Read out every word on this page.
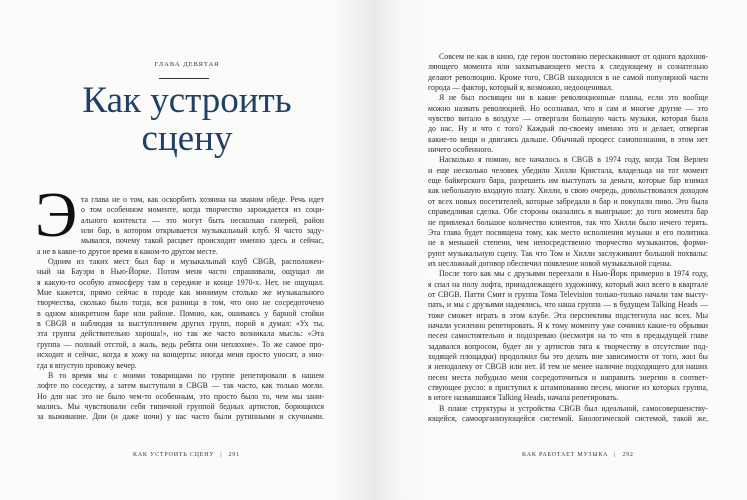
ГЛАВА ДЕВЯТАЯ
Как устроить
сцену
Э та глава не о том, как оскорбить хозяина на званом обеде. Речь идет
о том особенном моменте, когда творчество зарождается из соци-
ального контекста — это могут быть несколько галерей, район
или бар, в котором открывается музыкальный клуб. Я часто заду-
мывался, почему такой расцвет происходит именно здесь и сейчас,
а не в какое-то другое время в каком-то другом месте.
Одним из таких мест был бар и музыкальный клуб CBGB, расположен-
ный на Бауэри в Нью-Йорке. Потом меня часто спрашивали, ощущал ли
я какую-то особую атмосферу там в середине и конце 1970-х. Нет, не ощущал.
Мне кажется, прямо сейчас в городе как минимум столько же музыкального
творчества, сколько было тогда, вся разница в том, что оно не сосредоточено
в одном конкретном баре или районе. Помню, как, ошиваясь у барной стойки
в CBGB и наблюдая за выступлением других групп, порой я думал: «Ух ты,
эта группа действительно хороша!», но так же часто возникала мысль: «Эта
группа — полный отстой, а жаль, ведь ребята они неплохие». То же самое про-
исходит и сейчас, когда я хожу на концерты: иногда меня просто уносит, а ино-
гда я впустую провожу вечер.
В то время мы с моими товарищами по группе репетировали в нашем
лофте по соседству, а затем выступали в CBGB — так часто, как только могли.
Но для нас это не было чем-то особенным, это просто было то, чем мы зани-
мались. Мы чувствовали себя типичной группой бедных артистов, борющихся
за выживание. Дни (и даже ночи) у нас часто были рутинными и скучными.
КАК УСТРОИТЬ СЦЕНУ | 291
Совсем не как в кино, где герои постоянно перескакивают от одного вдохнов-
ляющего момента или захватывающего места к следующему и сознательно
делают революцию. Кроме того, CBGB находился в не самой популярной части
города — фактор, который я, возможно, недооценивал.
Я не был посвящен ни в какие революционные планы, если это вообще
можно назвать революцией. Но осознавал, что я сам и многие другие — это
чувство витало в воздухе — отвергали большую часть музыки, которая была
до нас. Ну и что с того? Каждый по-своему именно это и делает, отвергая
какие-то вещи и двигаясь дальше. Обычный процесс самопознания, в этом нет
ничего особенного.
Насколько я помню, все началось в CBGB в 1974 году, когда Том Верлен
и еще несколько человек убедили Хилли Кристала, владельца на тот момент
еще байкерского бара, разрешить им выступать за деньги, которые бар взимал
как небольшую входную плату. Хилли, в свою очередь, довольствовался доходом
от всех новых посетителей, которые забредали в бар и покупали пиво. Это была
справедливая сделка. Обе стороны оказались в выигрыше: до того момента бар
не привлекал большое количество клиентов, так что Хилли было нечего терять.
Эта глава будет посвящена тому, как место исполнения музыки и его политика
не в меньшей степени, чем непосредственно творчество музыкантов, форми-
руют музыкальную сцену. Так что Том и Хилли заслуживают большой похвалы:
их несложный договор обеспечил появление новой музыкальной сцены.
После того как мы с друзьями переехали в Нью-Йорк примерно в 1974 году,
я спал на полу лофта, принадлежащего художнику, который жил всего в квартале
от CBGB. Патти Смит и группа Тома Television только-только начали там высту-
пать, и мы с друзьями надеялись, что наша группа — в будущем Talking Heads —
тоже сможет играть в этом клубе. Эта перспектива подстегнула нас всех. Мы
начали усиленно репетировать. Я к тому моменту уже сочинял какие-то обрывки
песен самостоятельно и подозреваю (несмотря на то что в предыдущей главе
задавался вопросом, будет ли у артистов тяга к творчеству в отсутствие под-
ходящей площадки) продолжил бы это делать вне зависимости от того, жил бы
я неподалеку от CBGB или нет. И тем не менее наличие подходящего для наших
песен места побудило меня сосредоточиться и направить энергию в соответ-
ствующее русло: я приступил к штампованию песен, многие из которых группа,
в итоге назвавшаяся Talking Heads, начала репетировать.
В плане структуры и устройства CBGB был идеальной, самосовершенству-
ющейся, самоорганизующейся системой. Биологической системой, такой же,
КАК РАБОТАЕТ МУЗЫКА | 292
